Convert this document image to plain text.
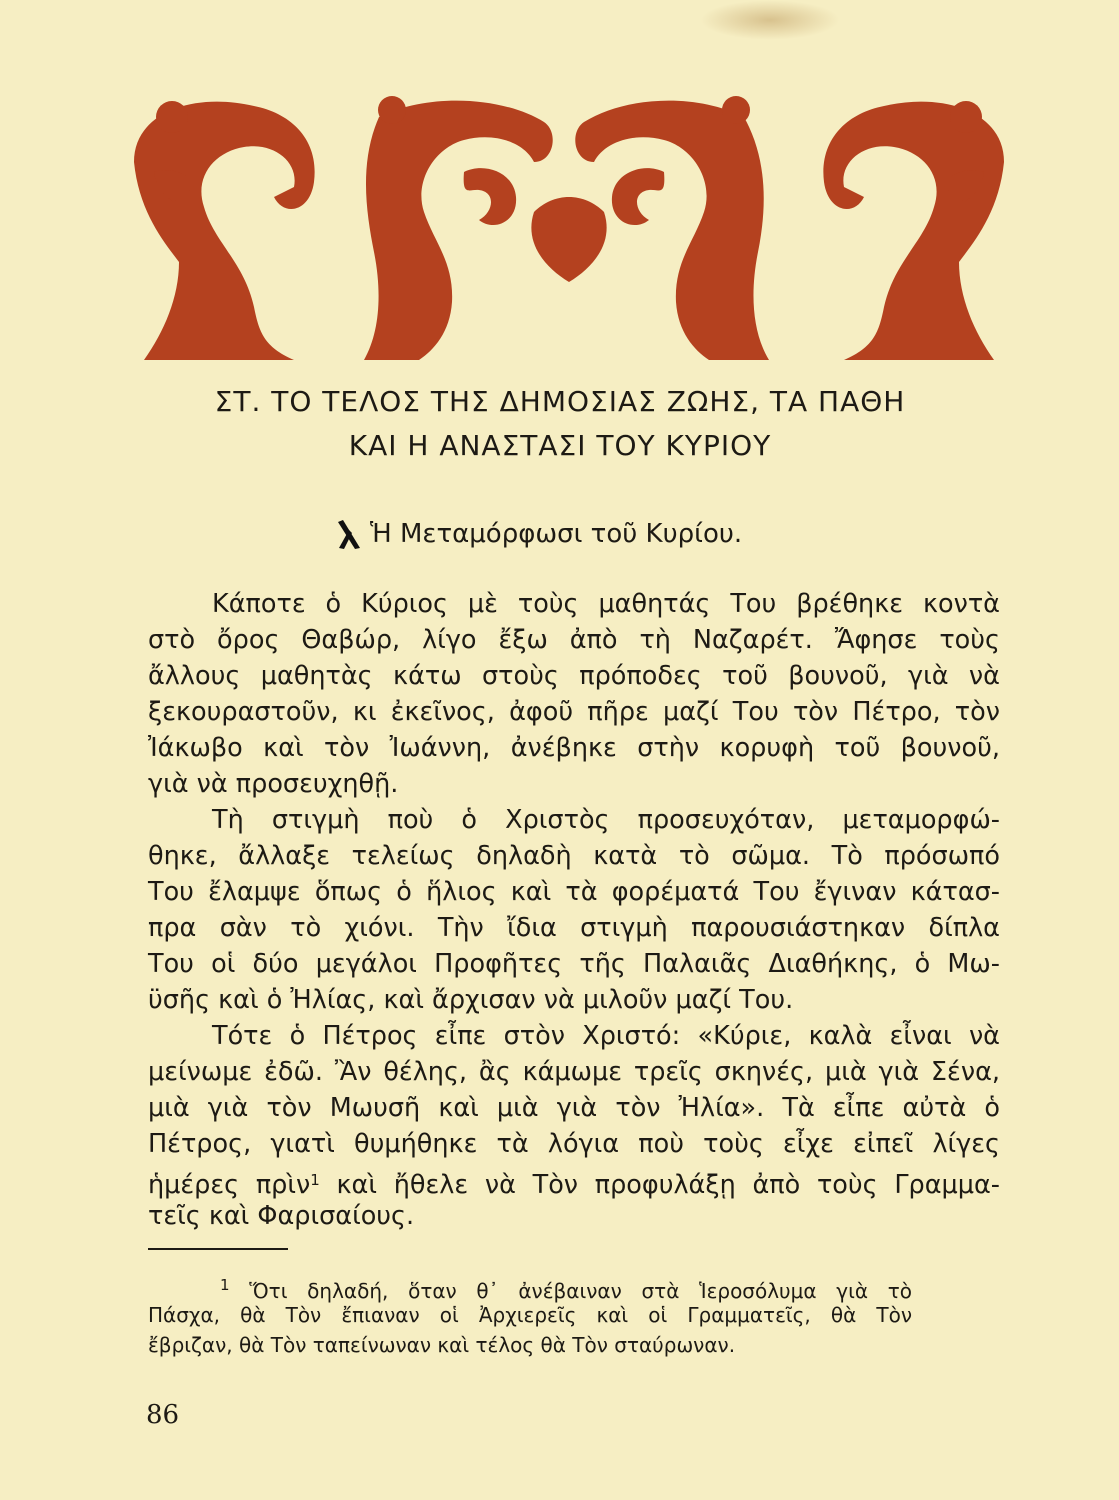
ΣΤ. ΤΟ ΤΕΛΟΣ ΤΗΣ ΔΗΜΟΣΙΑΣ ΖΩΗΣ, ΤΑ ΠΑΘΗ
ΚΑΙ Η ΑΝΑΣΤΑΣΙ ΤΟΥ ΚΥΡΙΟΥ
Ἡ Μεταμόρφωσι τοῦ Κυρίου.
Κάποτε ὁ Κύριος μὲ τοὺς μαθητάς Του βρέθηκε κοντὰ
στὸ ὄρος Θαβώρ, λίγο ἔξω ἀπὸ τὴ Ναζαρέτ. Ἄφησε τοὺς
ἄλλους μαθητὰς κάτω στοὺς πρόποδες τοῦ βουνοῦ, γιὰ νὰ
ξεκουραστοῦν, κι ἐκεῖνος, ἀφοῦ πῆρε μαζί Του τὸν Πέτρο, τὸν
Ἰάκωβο καὶ τὸν Ἰωάννη, ἀνέβηκε στὴν κορυφὴ τοῦ βουνοῦ,
γιὰ νὰ προσευχηθῇ.
Τὴ στιγμὴ ποὺ ὁ Χριστὸς προσευχόταν, μεταμορφώ-
θηκε, ἄλλαξε τελείως δηλαδὴ κατὰ τὸ σῶμα. Τὸ πρόσωπό
Του ἔλαμψε ὅπως ὁ ἥλιος καὶ τὰ φορέματά Του ἔγιναν κάτασ-
πρα σὰν τὸ χιόνι. Τὴν ἴδια στιγμὴ παρουσιάστηκαν δίπλα
Του οἱ δύο μεγάλοι Προφῆτες τῆς Παλαιᾶς Διαθήκης, ὁ Μω-
ϋσῆς καὶ ὁ Ἠλίας, καὶ ἄρχισαν νὰ μιλοῦν μαζί Του.
Τότε ὁ Πέτρος εἶπε στὸν Χριστό: «Κύριε, καλὰ εἶναι νὰ
μείνωμε ἐδῶ. Ἂν θέλης, ἂς κάμωμε τρεῖς σκηνές, μιὰ γιὰ Σένα,
μιὰ γιὰ τὸν Μωυσῆ καὶ μιὰ γιὰ τὸν Ἠλία». Τὰ εἶπε αὐτὰ ὁ
Πέτρος, γιατὶ θυμήθηκε τὰ λόγια ποὺ τοὺς εἶχε εἰπεῖ λίγες
ἡμέρες πρὶν$^1$ καὶ ἤθελε νὰ Τὸν προφυλάξῃ ἀπὸ τοὺς Γραμμα-
τεῖς καὶ Φαρισαίους.
$^1$ Ὅτι δηλαδή, ὅταν θ᾽ ἀνέβαιναν στὰ Ἱεροσόλυμα γιὰ τὸ
Πάσχα, θὰ Τὸν ἔπιαναν οἱ Ἀρχιερεῖς καὶ οἱ Γραμματεῖς, θὰ Τὸν
ἔβριζαν, θὰ Τὸν ταπείνωναν καὶ τέλος θὰ Τὸν σταύρωναν.
86
